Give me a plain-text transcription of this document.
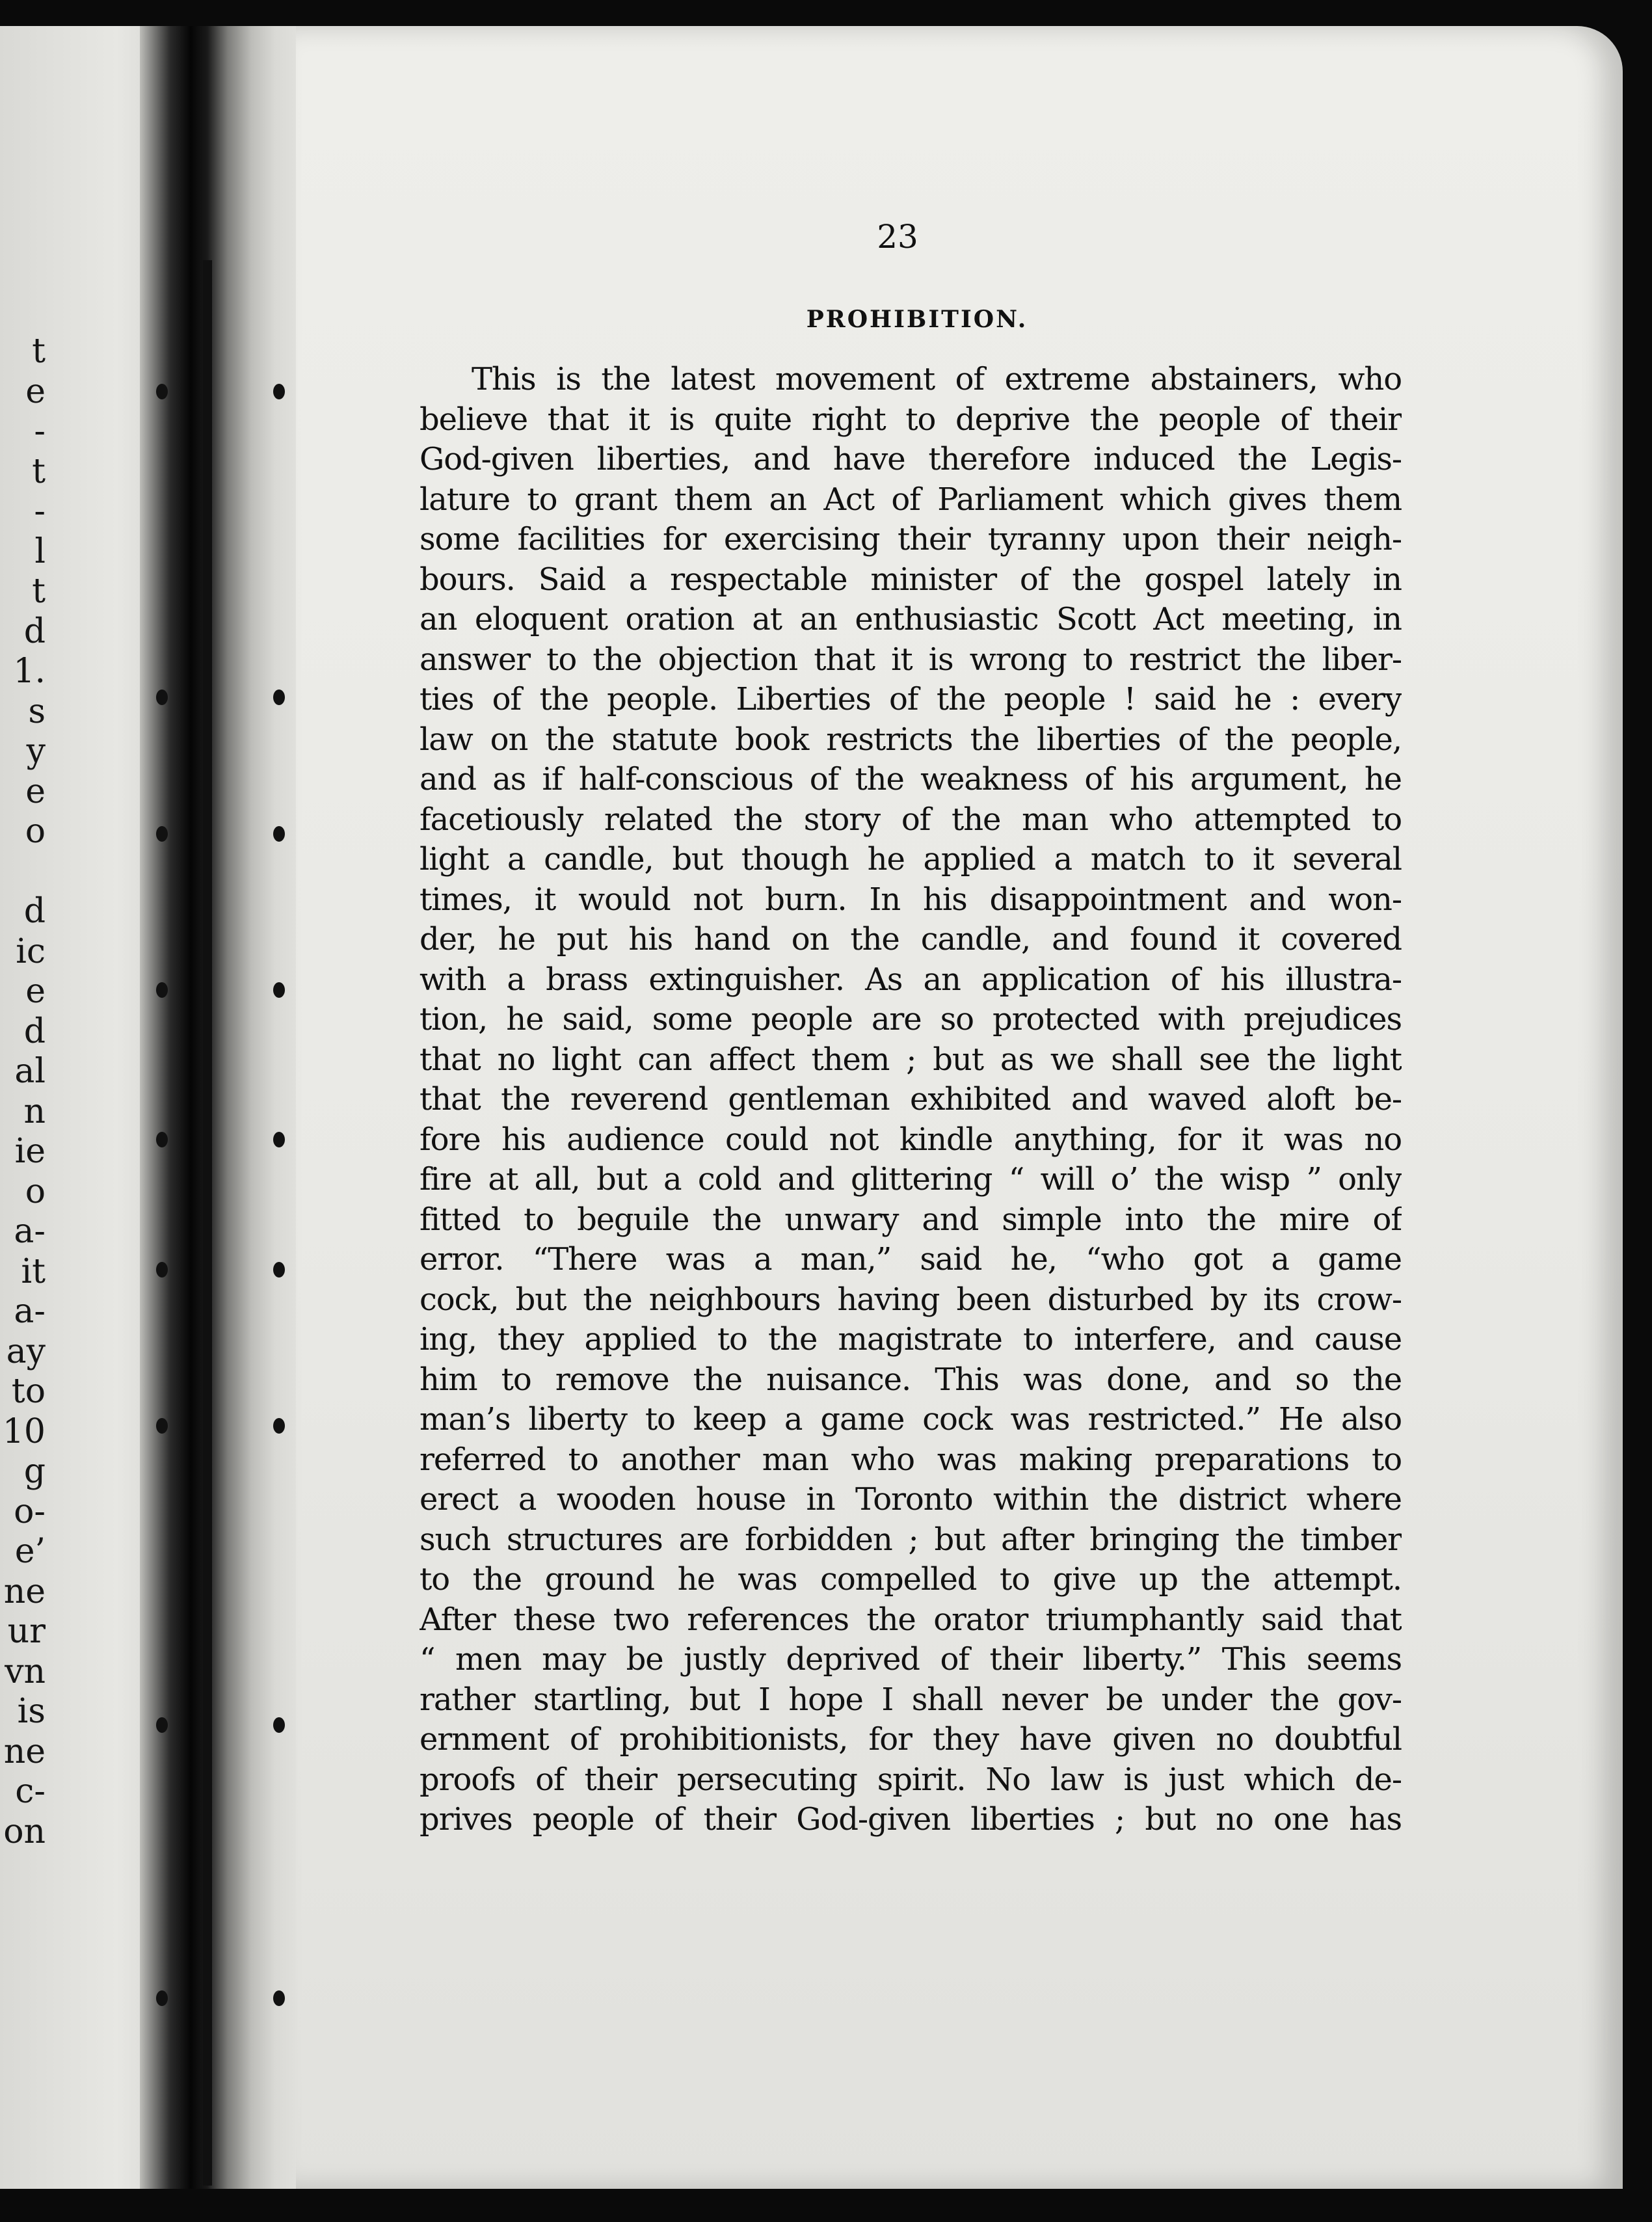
t
e
-
t
-
l
t
d
1.
s
y
e
o
d
ic
e
d
al
n
ie
o
a-
it
a-
ay
to
10
g
o-
e’
ne
ur
vn
is
ne
c-
on

23

PROHIBITION.
This is the latest movement of extreme abstainers, who
believe that it is quite right to deprive the people of their
God-given liberties, and have therefore induced the Legis-
lature to grant them an Act of Parliament which gives them
some facilities for exercising their tyranny upon their neigh-
bours. Said a respectable minister of the gospel lately in
an eloquent oration at an enthusiastic Scott Act meeting, in
answer to the objection that it is wrong to restrict the liber-
ties of the people. Liberties of the people ! said he : every
law on the statute book restricts the liberties of the people,
and as if half-conscious of the weakness of his argument, he
facetiously related the story of the man who attempted to
light a candle, but though he applied a match to it several
times, it would not burn. In his disappointment and won-
der, he put his hand on the candle, and found it covered
with a brass extinguisher. As an application of his illustra-
tion, he said, some people are so protected with prejudices
that no light can affect them ; but as we shall see the light
that the reverend gentleman exhibited and waved aloft be-
fore his audience could not kindle anything, for it was no
fire at all, but a cold and glittering “ will o’ the wisp ” only
fitted to beguile the unwary and simple into the mire of
error. “There was a man,” said he, “who got a game
cock, but the neighbours having been disturbed by its crow-
ing, they applied to the magistrate to interfere, and cause
him to remove the nuisance. This was done, and so the
man’s liberty to keep a game cock was restricted.” He also
referred to another man who was making preparations to
erect a wooden house in Toronto within the district where
such structures are forbidden ; but after bringing the timber
to the ground he was compelled to give up the attempt.
After these two references the orator triumphantly said that
“ men may be justly deprived of their liberty.” This seems
rather startling, but I hope I shall never be under the gov-
ernment of prohibitionists, for they have given no doubtful
proofs of their persecuting spirit. No law is just which de-
prives people of their God-given liberties ; but no one has
